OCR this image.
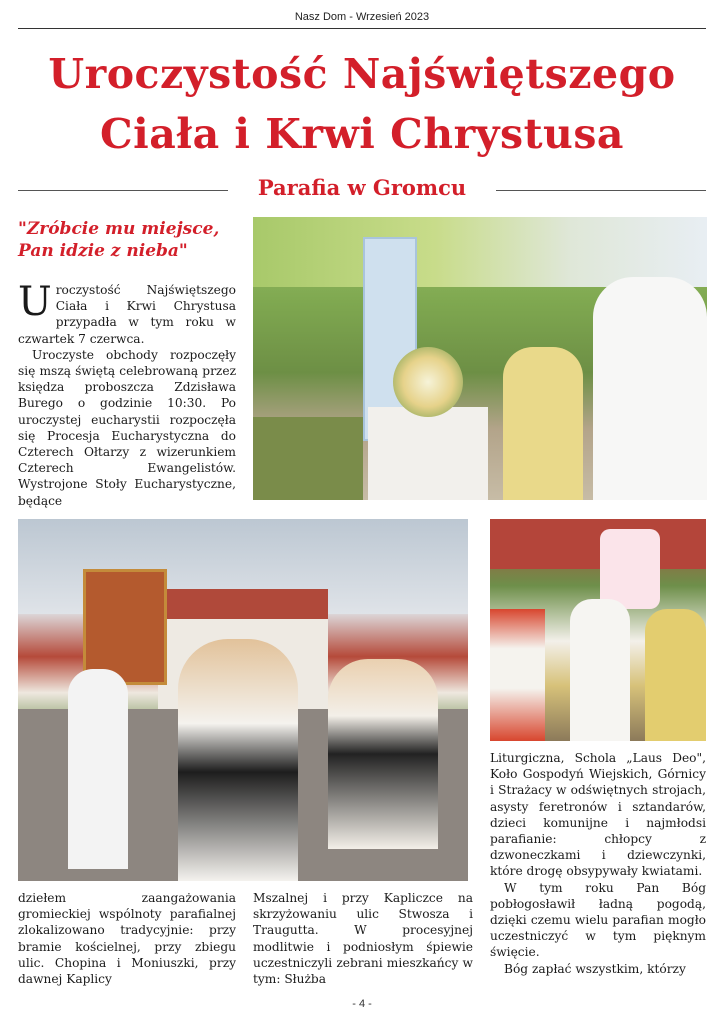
Nasz Dom - Wrzesień 2023
Uroczystość Najświętszego
Ciała i Krwi Chrystusa
Parafia w Gromcu
"Zróbcie mu miejsce,
Pan idzie z nieba"

Uroczystość Najświętszego Ciała i Krwi Chrystusa przypadła w tym roku w czwartek 7 czerwca.

Uroczyste obchody rozpoczęły się mszą świętą celebrowaną przez księdza proboszcza Zdzisława Burego o godzinie 10:30. Po uroczystej eucharystii rozpoczęła się Procesja Eucharystyczna do Czterech Ołtarzy z wizerunkiem Czterech Ewangelistów. Wystrojone Stoły Eucharystyczne, będące

dziełem zaangażowania gromieckiej wspólnoty parafialnej zlokalizowano tradycyjnie: przy bramie kościelnej, przy zbiegu ulic. Chopina i Moniuszki, przy dawnej Kaplicy
Mszalnej i przy Kapliczce na skrzyżowaniu ulic Stwosza i Traugutta. W procesyjnej modlitwie i podniosłym śpiewie uczestniczyli zebrani mieszkańcy w tym: Służba

Liturgiczna, Schola „Laus Deo", Koło Gospodyń Wiejskich, Górnicy i Strażacy w odświętnych strojach, asysty feretronów i sztandarów, dzieci komunijne i najmłodsi parafianie: chłopcy z dzwoneczkami i dziewczynki, które drogę obsypywały kwiatami.

W tym roku Pan Bóg pobłogosławił ładną pogodą, dzięki czemu wielu parafian mogło uczestniczyć w tym pięknym święcie.

Bóg zapłać wszystkim, którzy

- 4 -
